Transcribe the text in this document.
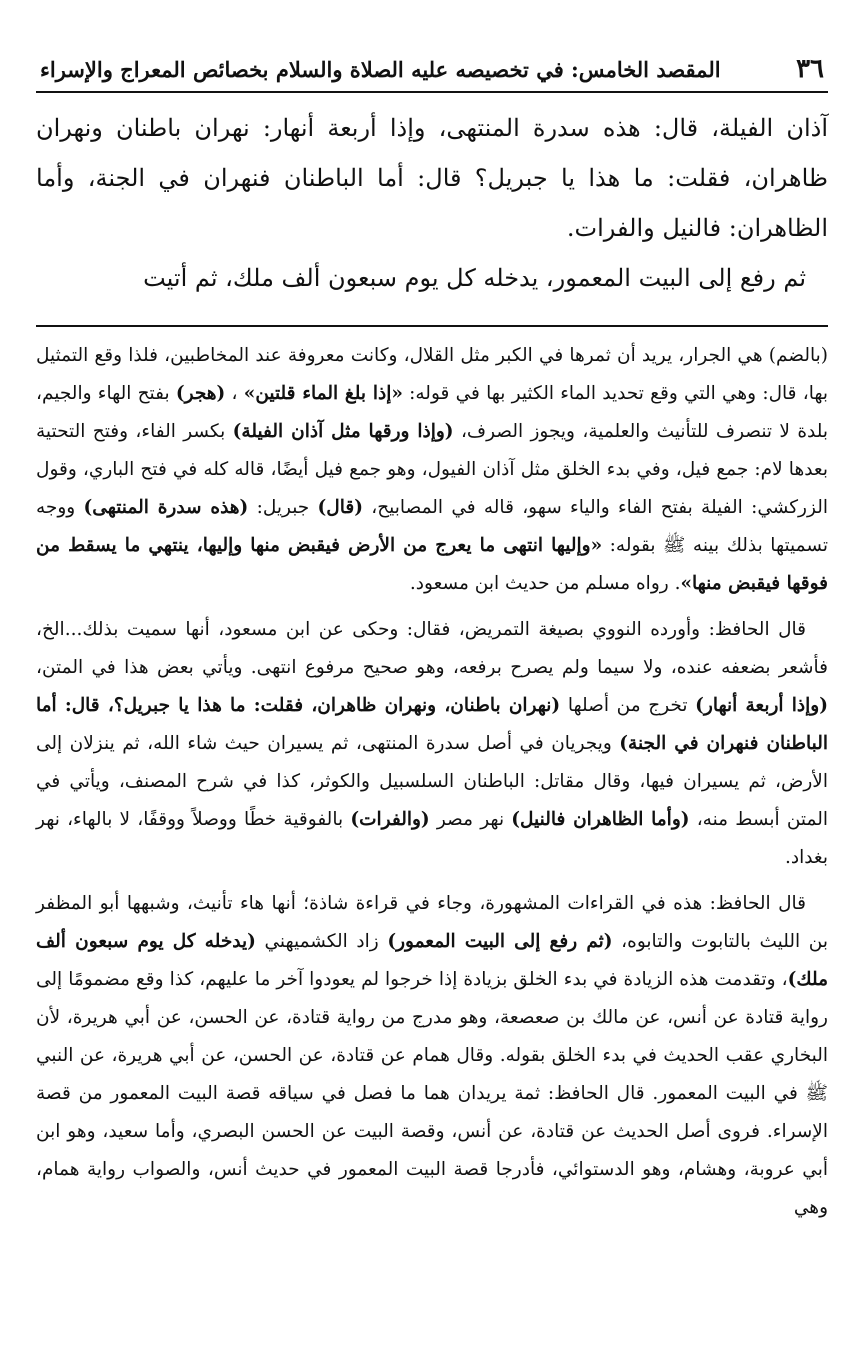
٣٦
المقصد الخامس: في تخصيصه عليه الصلاة والسلام بخصائص المعراج والإسراء

آذان الفيلة، قال: هذه سدرة المنتهى، وإذا أربعة أنهار: نهران باطنان ونهران ظاهران، فقلت: ما هذا يا جبريل؟ قال: أما الباطنان فنهران في الجنة، وأما الظاهران: فالنيل والفرات.

ثم رفع إلى البيت المعمور، يدخله كل يوم سبعون ألف ملك، ثم أتيت

(بالضم) هي الجرار، يريد أن ثمرها في الكبر مثل القلال، وكانت معروفة عند المخاطبين، فلذا وقع التمثيل بها، قال: وهي التي وقع تحديد الماء الكثير بها في قوله: «إذا بلغ الماء قلتين» ، (هجر) بفتح الهاء والجيم، بلدة لا تنصرف للتأنيث والعلمية، ويجوز الصرف، (وإذا ورقها مثل آذان الفيلة) بكسر الفاء، وفتح التحتية بعدها لام: جمع فيل، وفي بدء الخلق مثل آذان الفيول، وهو جمع فيل أيضًا، قاله كله في فتح الباري، وقول الزركشي: الفيلة بفتح الفاء والياء سهو، قاله في المصابيح، (قال) جبريل: (هذه سدرة المنتهى) ووجه تسميتها بذلك بينه ﷺ بقوله: «وإليها انتهى ما يعرج من الأرض فيقبض منها وإليها، ينتهي ما يسقط من فوقها فيقبض منها». رواه مسلم من حديث ابن مسعود.

قال الحافظ: وأورده النووي بصيغة التمريض، فقال: وحكى عن ابن مسعود، أنها سميت بذلك...الخ، فأشعر بضعفه عنده، ولا سيما ولم يصرح برفعه، وهو صحيح مرفوع انتهى. ويأتي بعض هذا في المتن، (وإذا أربعة أنهار) تخرج من أصلها (نهران باطنان، ونهران ظاهران، فقلت: ما هذا يا جبريل؟، قال: أما الباطنان فنهران في الجنة) ويجريان في أصل سدرة المنتهى، ثم يسيران حيث شاء الله، ثم ينزلان إلى الأرض، ثم يسيران فيها، وقال مقاتل: الباطنان السلسبيل والكوثر، كذا في شرح المصنف، ويأتي في المتن أبسط منه، (وأما الظاهران فالنيل) نهر مصر (والفرات) بالفوقية خطًا ووصلاً ووقفًا، لا بالهاء، نهر بغداد.

قال الحافظ: هذه في القراءات المشهورة، وجاء في قراءة شاذة؛ أنها هاء تأنيث، وشبهها أبو المظفر بن الليث بالتابوت والتابوه، (ثم رفع إلى البيت المعمور) زاد الكشميهني (يدخله كل يوم سبعون ألف ملك)، وتقدمت هذه الزيادة في بدء الخلق بزيادة إذا خرجوا لم يعودوا آخر ما عليهم، كذا وقع مضمومًا إلى رواية قتادة عن أنس، عن مالك بن صعصعة، وهو مدرج من رواية قتادة، عن الحسن، عن أبي هريرة، لأن البخاري عقب الحديث في بدء الخلق بقوله. وقال همام عن قتادة، عن الحسن، عن أبي هريرة، عن النبي ﷺ في البيت المعمور. قال الحافظ: ثمة يريدان هما ما فصل في سياقه قصة البيت المعمور من قصة الإسراء. فروى أصل الحديث عن قتادة، عن أنس، وقصة البيت عن الحسن البصري، وأما سعيد، وهو ابن أبي عروبة، وهشام، وهو الدستوائي، فأدرجا قصة البيت المعمور في حديث أنس، والصواب رواية همام، وهي
